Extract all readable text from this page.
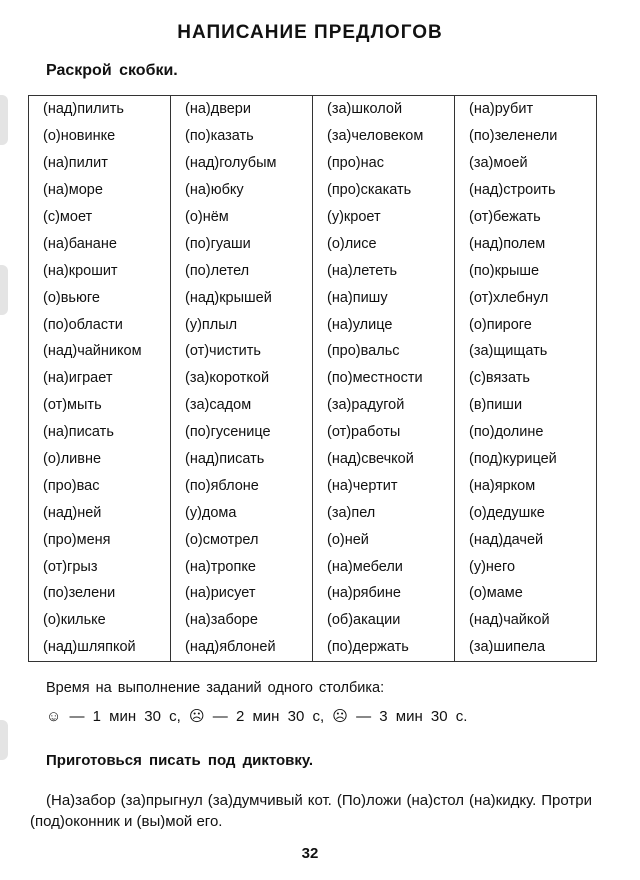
НАПИСАНИЕ ПРЕДЛОГОВ
Раскрой скобки.
(над)пилить	(на)двери	(за)школой	(на)рубит
(о)новинке	(по)казать	(за)человеком	(по)зеленели
(на)пилит	(над)голубым	(про)нас	(за)моей
(на)море	(на)юбку	(про)скакать	(над)строить
(с)моет	(о)нём	(у)кроет	(от)бежать
(на)банане	(по)гуаши	(о)лисе	(над)полем
(на)крошит	(по)летел	(на)лететь	(по)крыше
(о)вьюге	(над)крышей	(на)пишу	(от)хлебнул
(по)области	(у)плыл	(на)улице	(о)пироге
(над)чайником	(от)чистить	(про)вальс	(за)щищать
(на)играет	(за)короткой	(по)местности	(с)вязать
(от)мыть	(за)садом	(за)радугой	(в)пиши
(на)писать	(по)гусенице	(от)работы	(по)долине
(о)ливне	(над)писать	(над)свечкой	(под)курицей
(про)вас	(по)яблоне	(на)чертит	(на)ярком
(над)ней	(у)дома	(за)пел	(о)дедушке
(про)меня	(о)смотрел	(о)ней	(над)дачей
(от)грыз	(на)тропке	(на)мебели	(у)него
(по)зелени	(на)рисует	(на)рябине	(о)маме
(о)кильке	(на)заборе	(об)акации	(над)чайкой
(над)шляпкой	(над)яблоней	(по)держать	(за)шипела
Время на выполнение заданий одного столбика:
☺ — 1 мин 30 с, ☹ — 2 мин 30 с, ☹ — 3 мин 30 с.
Приготовься писать под диктовку.
(На)забор (за)прыгнул (за)думчивый кот. (По)ложи (на)стол (на)кидку. Протри (под)оконник и (вы)мой его.
32
